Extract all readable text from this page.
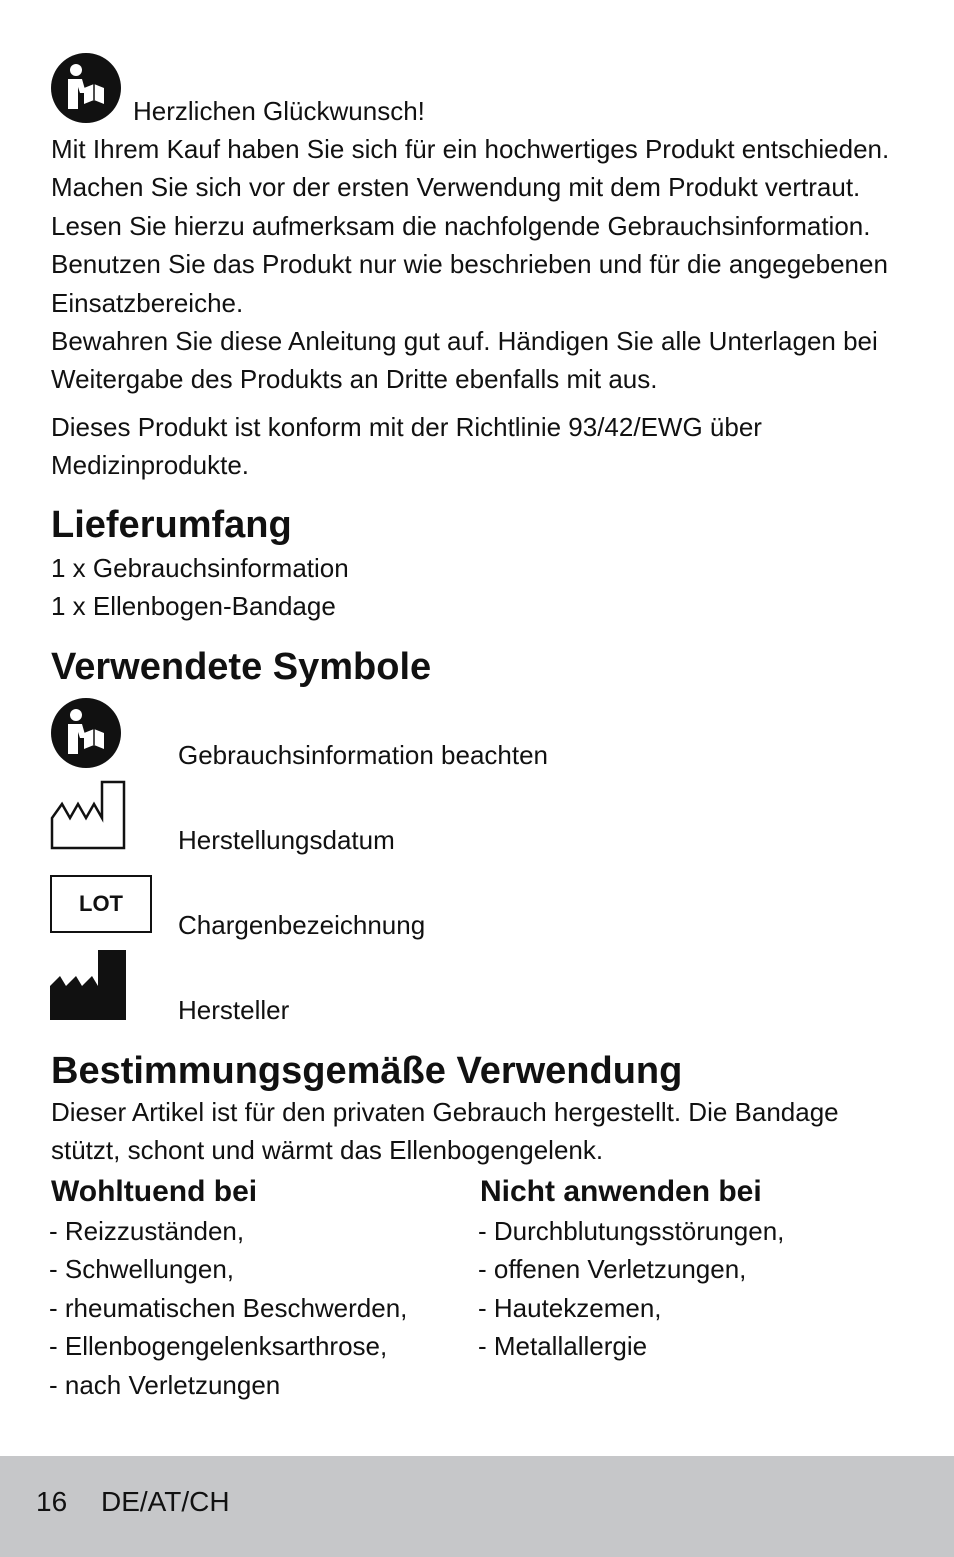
Herzlichen Glückwunsch!
Mit Ihrem Kauf haben Sie sich für ein hochwertiges Produkt entschieden. Machen Sie sich vor der ersten Verwendung mit dem Produkt vertraut. Lesen Sie hierzu aufmerksam die nachfolgende Gebrauchsinformation. Benutzen Sie das Produkt nur wie beschrieben und für die angegebenen Einsatzbereiche.
Bewahren Sie diese Anleitung gut auf. Händigen Sie alle Unterlagen bei Weitergabe des Produkts an Dritte ebenfalls mit aus.
Dieses Produkt ist konform mit der Richtlinie 93/42/EWG über Medizinprodukte.
Lieferumfang
1 x Gebrauchsinformation
1 x Ellenbogen-Bandage
Verwendete Symbole
Gebrauchsinformation beachten
Herstellungsdatum
LOT
Chargenbezeichnung
Hersteller
Bestimmungsgemäße Verwendung
Dieser Artikel ist für den privaten Gebrauch hergestellt. Die Bandage stützt, schont und wärmt das Ellenbogengelenk.
Wohltuend bei
- Reizzuständen,
- Schwellungen,
- rheumatischen Beschwerden,
- Ellenbogengelenksarthrose,
- nach Verletzungen
Nicht anwenden bei
- Durchblutungsstörungen,
- offenen Verletzungen,
- Hautekzemen,
- Metallallergie
16 DE/AT/CH
